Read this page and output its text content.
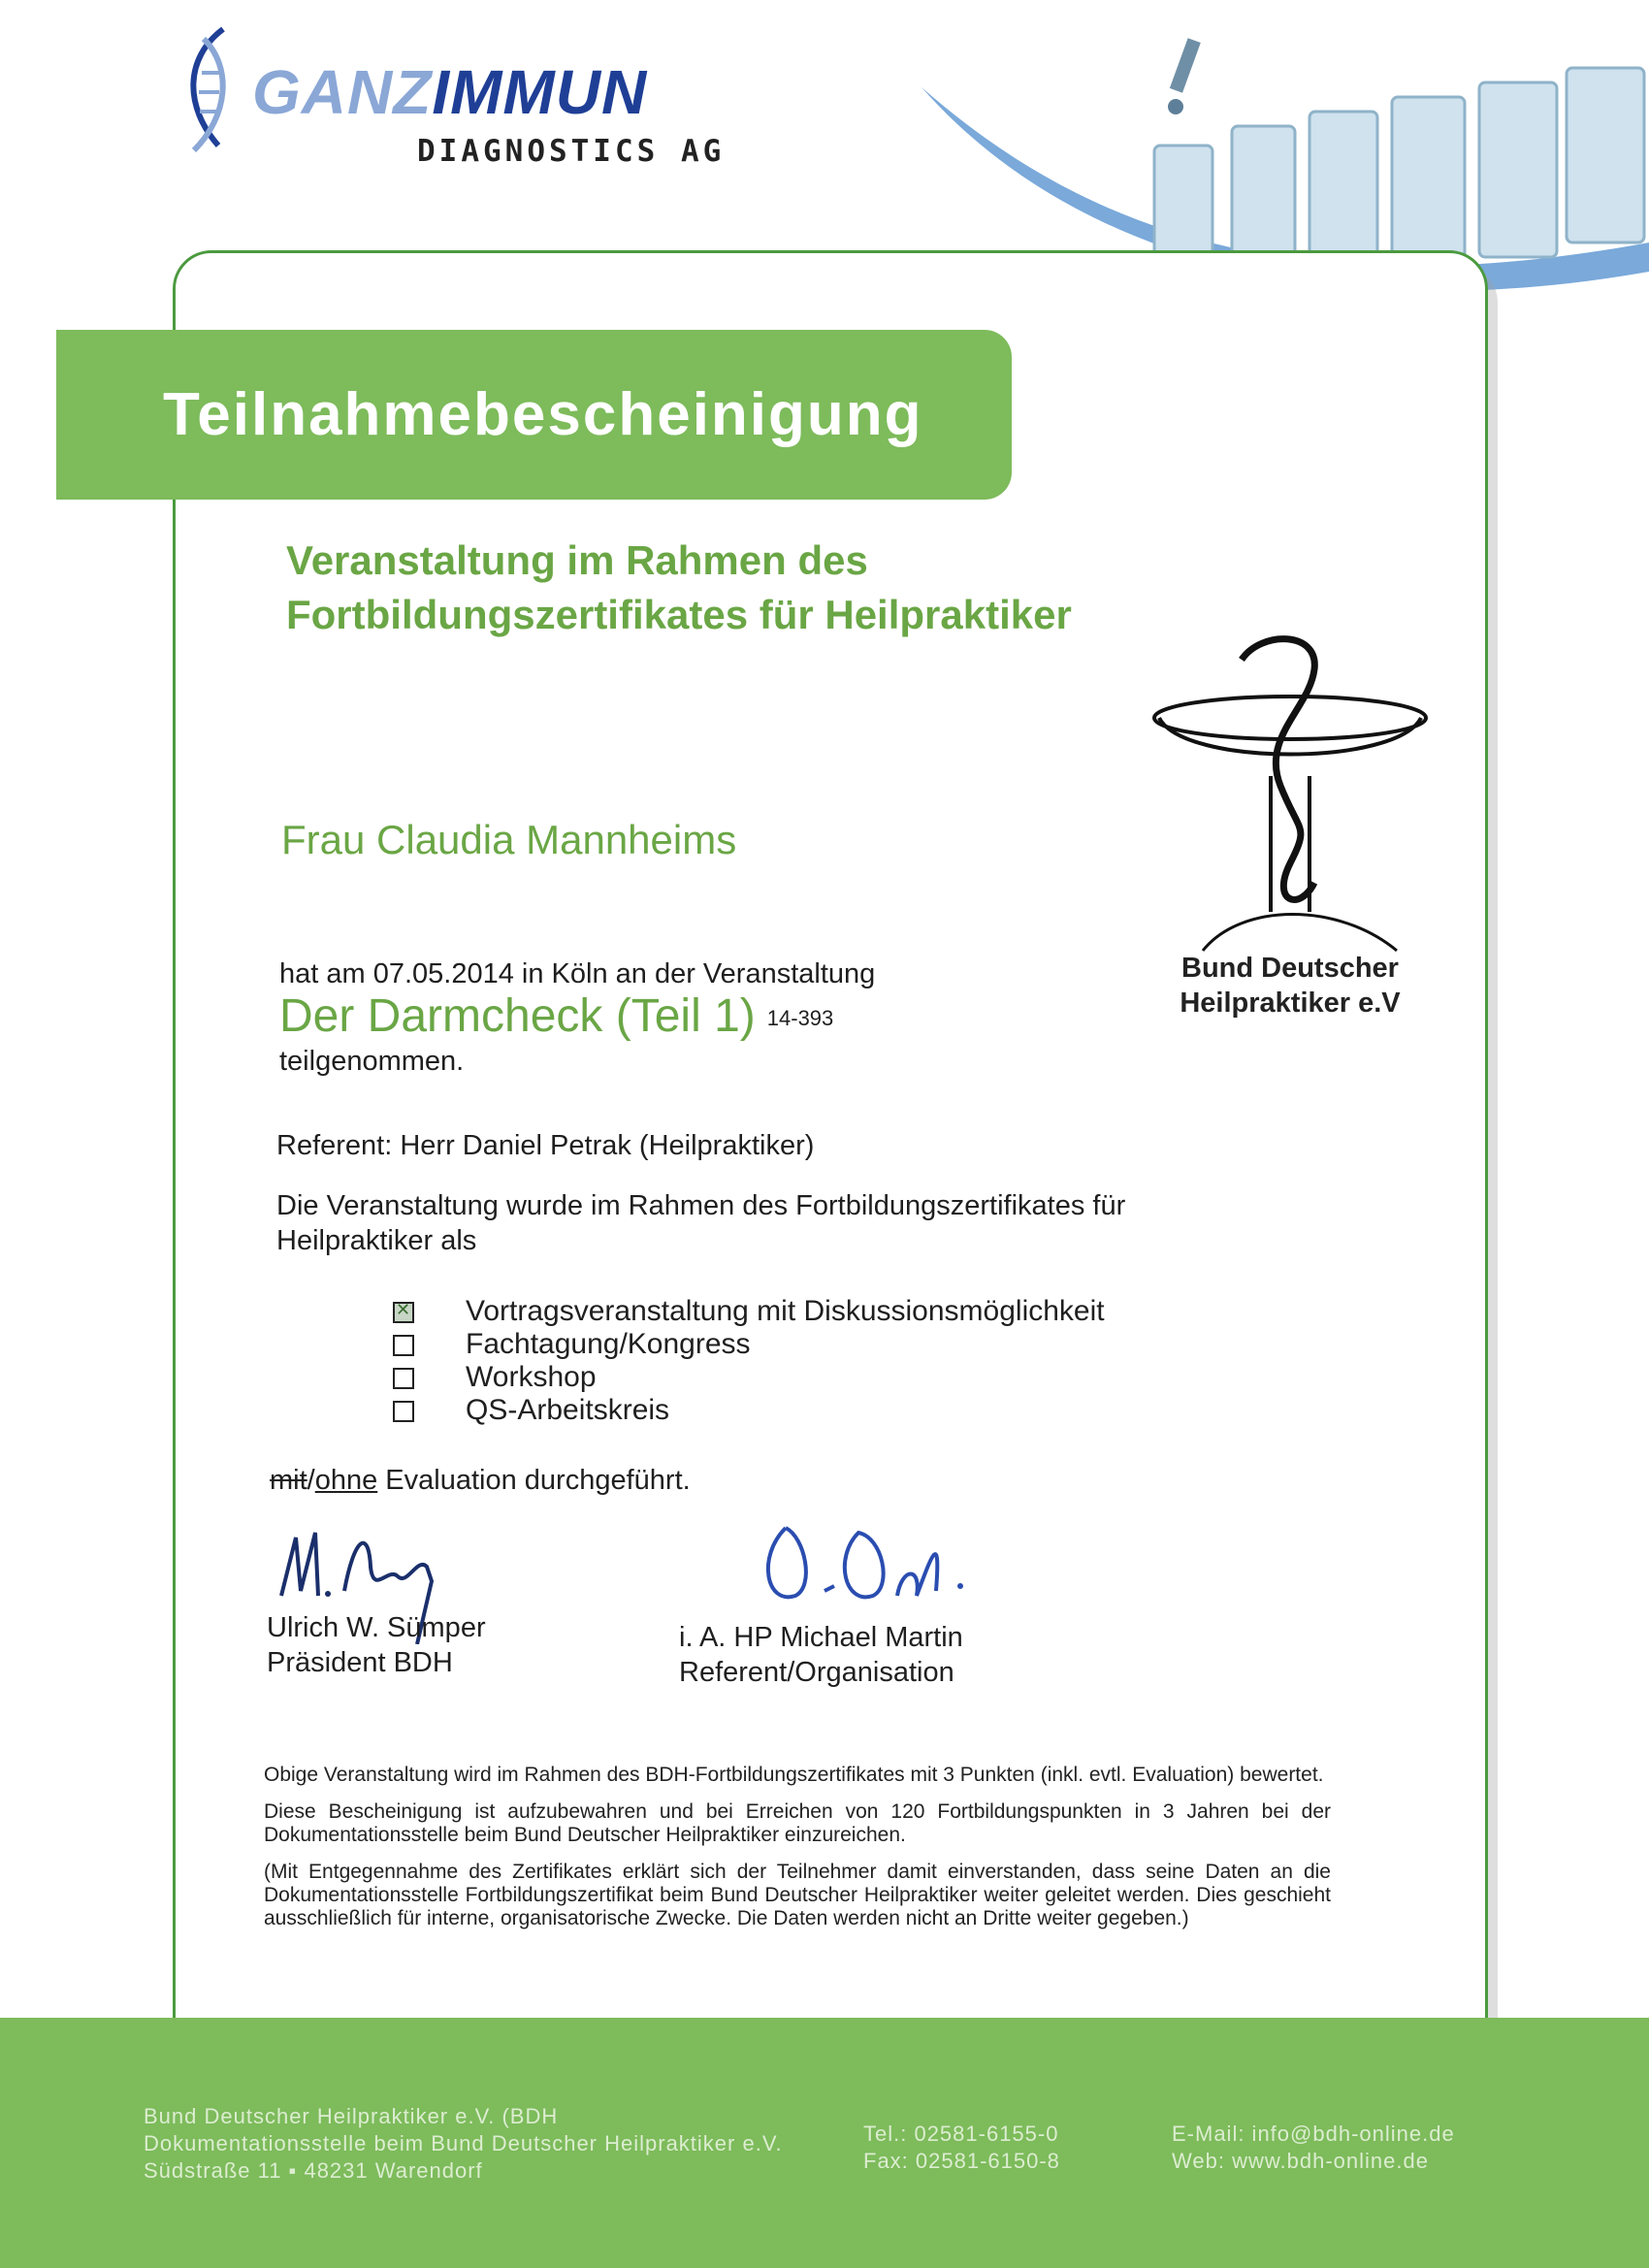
GANZIMMUN
DIAGNOSTICS AG
Teilnahmebescheinigung
Veranstaltung im Rahmen des
Fortbildungszertifikates für Heilpraktiker
Frau Claudia Mannheims
hat am 07.05.2014 in Köln an der Veranstaltung
Der Darmcheck (Teil 1) 14-393
teilgenommen.
Referent: Herr Daniel Petrak (Heilpraktiker)
Die Veranstaltung wurde im Rahmen des Fortbildungszertifikates für
Heilpraktiker als
✕
Vortragsveranstaltung mit Diskussionsmöglichkeit
Fachtagung/Kongress
Workshop
QS-Arbeitskreis
mit/ohne Evaluation durchgeführt.
Ulrich W. Sümper
Präsident BDH
i. A. HP Michael Martin
Referent/Organisation

Obige Veranstaltung wird im Rahmen des BDH-Fortbildungszertifikates mit 3 Punkten (inkl. evtl. Evaluation) bewertet.

Diese Bescheinigung ist aufzubewahren und bei Erreichen von 120 Fortbildungspunkten in 3 Jahren bei der Dokumentationsstelle beim Bund Deutscher Heilpraktiker einzureichen.

(Mit Entgegennahme des Zertifikates erklärt sich der Teilnehmer damit einverstanden, dass seine Daten an die Dokumentationsstelle Fortbildungszertifikat beim Bund Deutscher Heilpraktiker weiter geleitet werden. Dies geschieht ausschließlich für interne, organisatorische Zwecke. Die Daten werden nicht an Dritte weiter gegeben.)

Bund Deutscher
Heilpraktiker e.V
Bund Deutscher Heilpraktiker e.V. (BDH
Dokumentationsstelle beim Bund Deutscher Heilpraktiker e.V.
Südstraße 11 ▪ 48231 Warendorf
Tel.: 02581-6155-0
Fax: 02581-6150-8
E-Mail: info@bdh-online.de
Web: www.bdh-online.de
